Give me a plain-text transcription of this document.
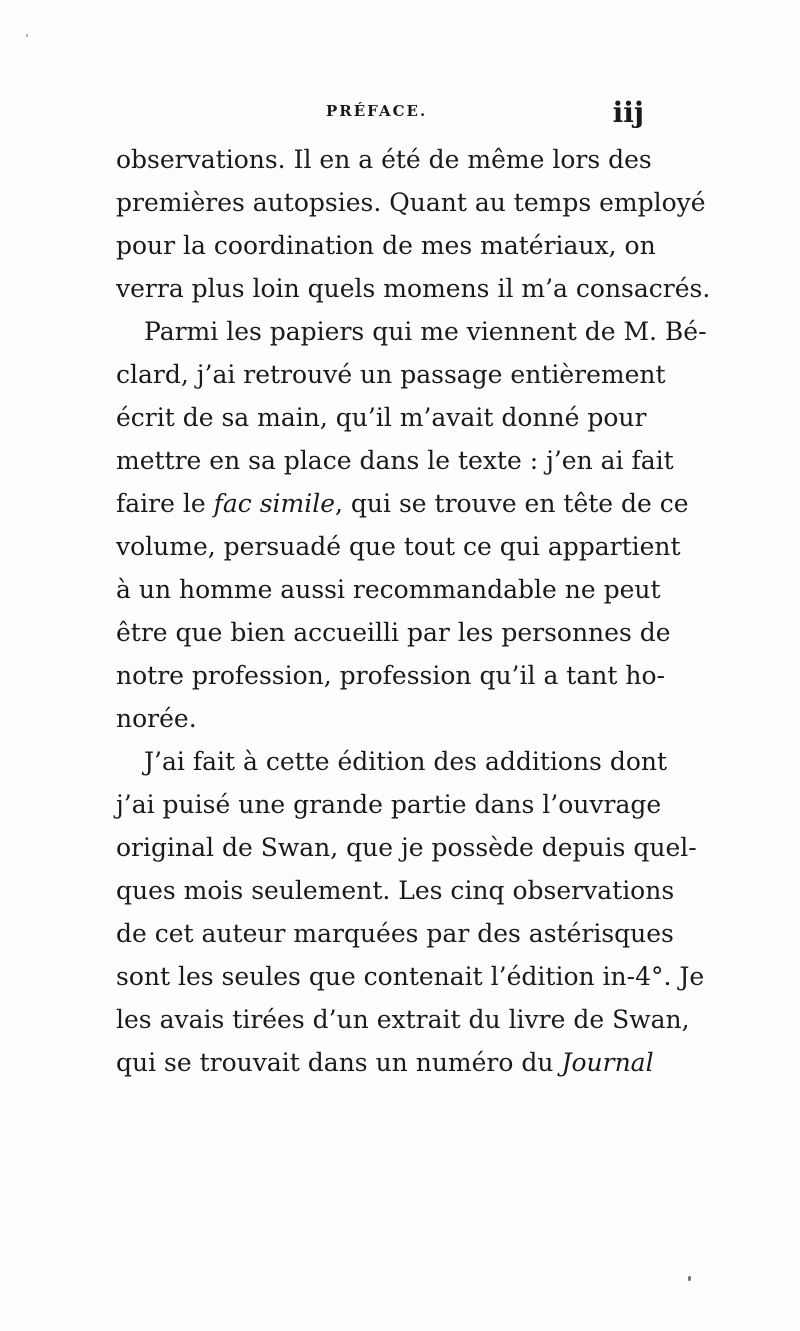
PRÉFACE.	iij
observations. Il en a été de même lors des
premières autopsies. Quant au temps employé
pour la coordination de mes matériaux, on
verra plus loin quels momens il m’a consacrés.
Parmi les papiers qui me viennent de M. Bé-
clard, j’ai retrouvé un passage entièrement
écrit de sa main, qu’il m’avait donné pour
mettre en sa place dans le texte : j’en ai fait
faire le fac simile, qui se trouve en tête de ce
volume, persuadé que tout ce qui appartient
à un homme aussi recommandable ne peut
être que bien accueilli par les personnes de
notre profession, profession qu’il a tant ho-
norée.
J’ai fait à cette édition des additions dont
j’ai puisé une grande partie dans l’ouvrage
original de Swan, que je possède depuis quel-
ques mois seulement. Les cinq observations
de cet auteur marquées par des astérisques
sont les seules que contenait l’édition in-4°. Je
les avais tirées d’un extrait du livre de Swan,
qui se trouvait dans un numéro du Journal
